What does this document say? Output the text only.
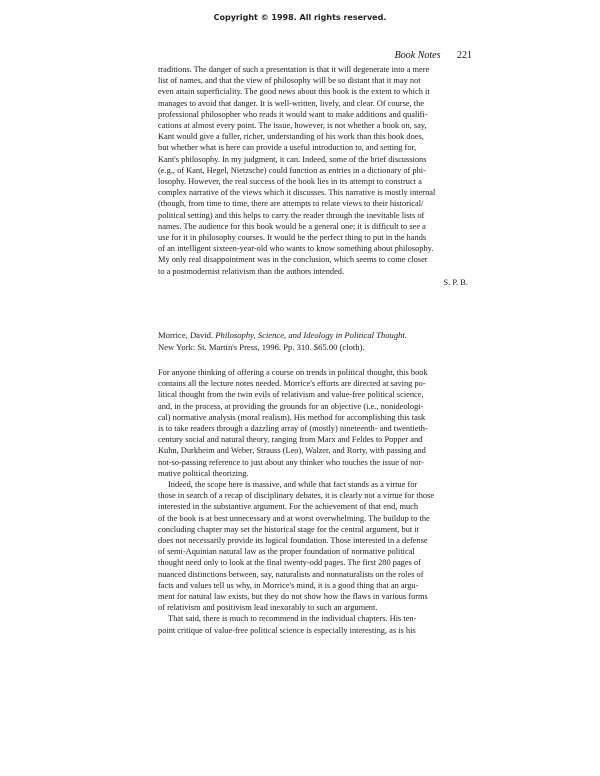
Copyright © 1998. All rights reserved.
Book Notes 221

traditions. The danger of such a presentation is that it will degenerate into a mere

list of names, and that the view of philosophy will be so distant that it may not

even attain superficiality. The good news about this book is the extent to which it

manages to avoid that danger. It is well-written, lively, and clear. Of course, the

professional philosopher who reads it would want to make additions and qualifi-

cations at almost every point. The issue, however, is not whether a book on, say,

Kant would give a fuller, richer, understanding of his work than this book does,

but whether what is here can provide a useful introduction to, and setting for,

Kant's philosophy. In my judgment, it can. Indeed, some of the brief discussions

(e.g., of Kant, Hegel, Nietzsche) could function as entries in a dictionary of phi-

losophy. However, the real success of the book lies in its attempt to construct a

complex narrative of the views which it discusses. This narrative is mostly internal

(though, from time to time, there are attempts to relate views to their historical/

political setting) and this helps to carry the reader through the inevitable lists of

names. The audience for this book would be a general one; it is difficult to see a

use for it in philosophy courses. It would be the perfect thing to put in the hands

of an intelligent sixteen-year-old who wants to know something about philosophy.

My only real disappointment was in the conclusion, which seems to come closer

to a postmodernist relativism than the authors intended.

S. P. B.

Morrice, David. Philosophy, Science, and Ideology in Political Thought.

New York: St. Martin's Press, 1996. Pp. 310. $65.00 (cloth).

For anyone thinking of offering a course on trends in political thought, this book

contains all the lecture notes needed. Morrice's efforts are directed at saving po-

litical thought from the twin evils of relativism and value-free political science,

and, in the process, at providing the grounds for an objective (i.e., nonideologi-

cal) normative analysis (moral realism). His method for accomplishing this task

is to take readers through a dazzling array of (mostly) nineteenth- and twentieth-

century social and natural theory, ranging from Marx and Feldes to Popper and

Kuhn, Durkheim and Weber, Strauss (Leo), Walzer, and Rorty, with passing and

not-so-passing reference to just about any thinker who touches the issue of nor-

mative political theorizing.

Indeed, the scope here is massive, and while that fact stands as a virtue for

those in search of a recap of disciplinary debates, it is clearly not a virtue for those

interested in the substantive argument. For the achievement of that end, much

of the book is at best unnecessary and at worst overwhelming. The buildup to the

concluding chapter may set the historical stage for the central argument, but it

does not necessarily provide its logical foundation. Those interested in a defense

of semi-Aquinian natural law as the proper foundation of normative political

thought need only to look at the final twenty-odd pages. The first 280 pages of

nuanced distinctions between, say, naturalists and nonnaturalists on the roles of

facts and values tell us why, in Morrice's mind, it is a good thing that an argu-

ment for natural law exists, but they do not show how the flaws in various forms

of relativism and positivism lead inexorably to such an argument.

That said, there is much to recommend in the individual chapters. His ten-

point critique of value-free political science is especially interesting, as is his
